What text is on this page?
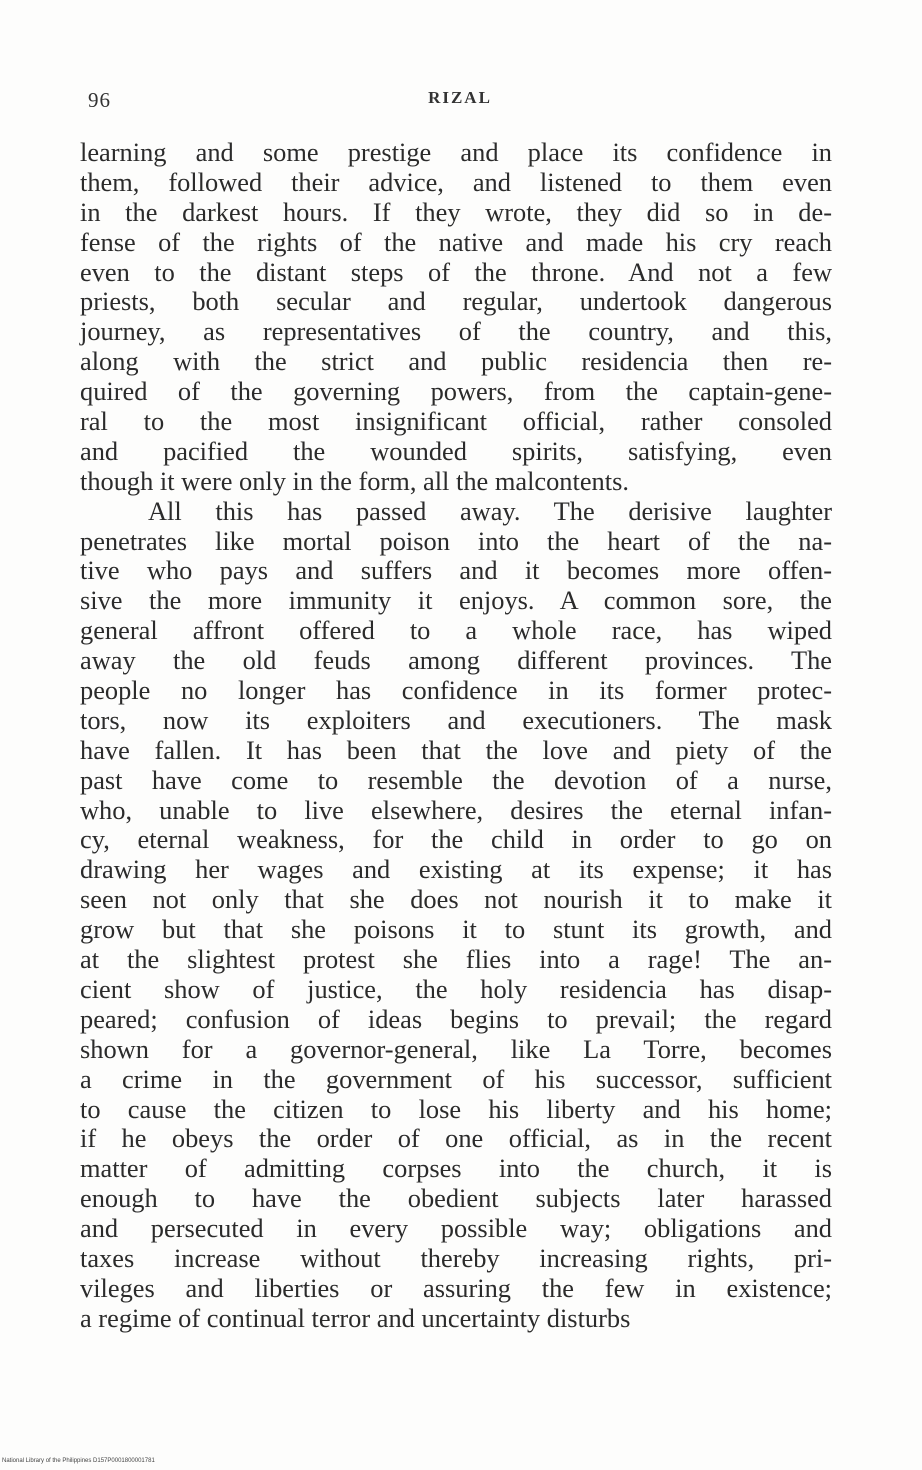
96	RIZAL
learning and some prestige and place its confidence in
them, followed their advice, and listened to them even
in the darkest hours. If they wrote, they did so in de-
fense of the rights of the native and made his cry reach
even to the distant steps of the throne. And not a few
priests, both secular and regular, undertook dangerous
journey, as representatives of the country, and this,
along with the strict and public residencia then re-
quired of the governing powers, from the captain-gene-
ral to the most insignificant official, rather consoled
and pacified the wounded spirits, satisfying, even
though it were only in the form, all the malcontents.
All this has passed away. The derisive laughter
penetrates like mortal poison into the heart of the na-
tive who pays and suffers and it becomes more offen-
sive the more immunity it enjoys. A common sore, the
general affront offered to a whole race, has wiped
away the old feuds among different provinces. The
people no longer has confidence in its former protec-
tors, now its exploiters and executioners. The mask
have fallen. It has been that the love and piety of the
past have come to resemble the devotion of a nurse,
who, unable to live elsewhere, desires the eternal infan-
cy, eternal weakness, for the child in order to go on
drawing her wages and existing at its expense; it has
seen not only that she does not nourish it to make it
grow but that she poisons it to stunt its growth, and
at the slightest protest she flies into a rage! The an-
cient show of justice, the holy residencia has disap-
peared; confusion of ideas begins to prevail; the regard
shown for a governor-general, like La Torre, becomes
a crime in the government of his successor, sufficient
to cause the citizen to lose his liberty and his home;
if he obeys the order of one official, as in the recent
matter of admitting corpses into the church, it is
enough to have the obedient subjects later harassed
and persecuted in every possible way; obligations and
taxes increase without thereby increasing rights, pri-
vileges and liberties or assuring the few in existence;
a regime of continual terror and uncertainty disturbs
National Library of the Philippines D157P0001800001781
